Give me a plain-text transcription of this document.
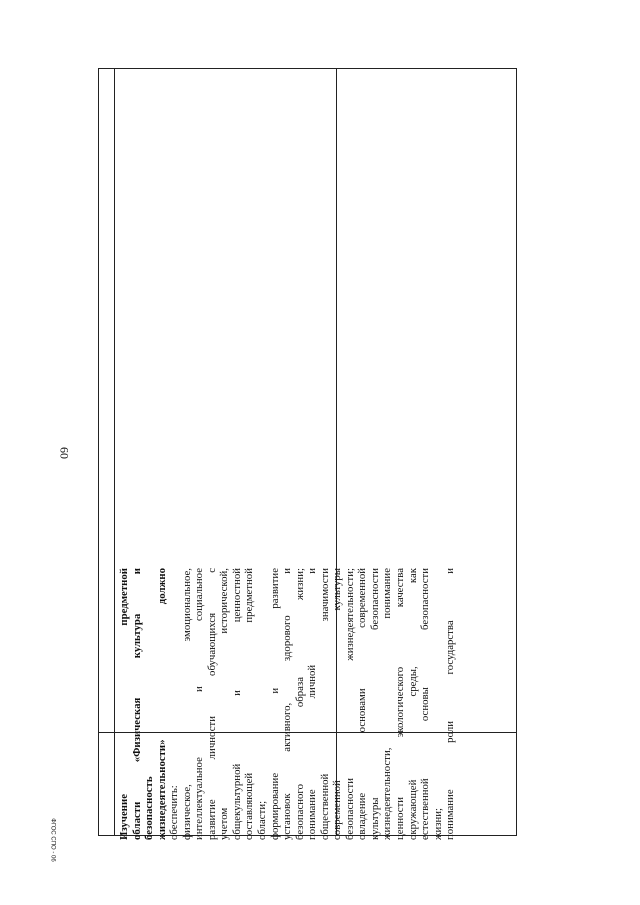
60
ФГОС СПО - 06	Изучение предметной области «Физическая культура и безопасность жизнедеятельности» должно обеспечить: физическое, эмоциональное, интеллектуальное и социальное развитие личности обучающихся с учетом исторической, общекультурной и ценностной составляющей предметной области; формирование и развитие установок активного, здорового и безопасного образа жизни; понимание личной и общественной значимости современной культуры безопасности жизнедеятельности; овладение основами современной культуры безопасности жизнедеятельности, понимание ценности экологического качества окружающей среды, как естественной основы безопасности жизни; понимание роли государства и
